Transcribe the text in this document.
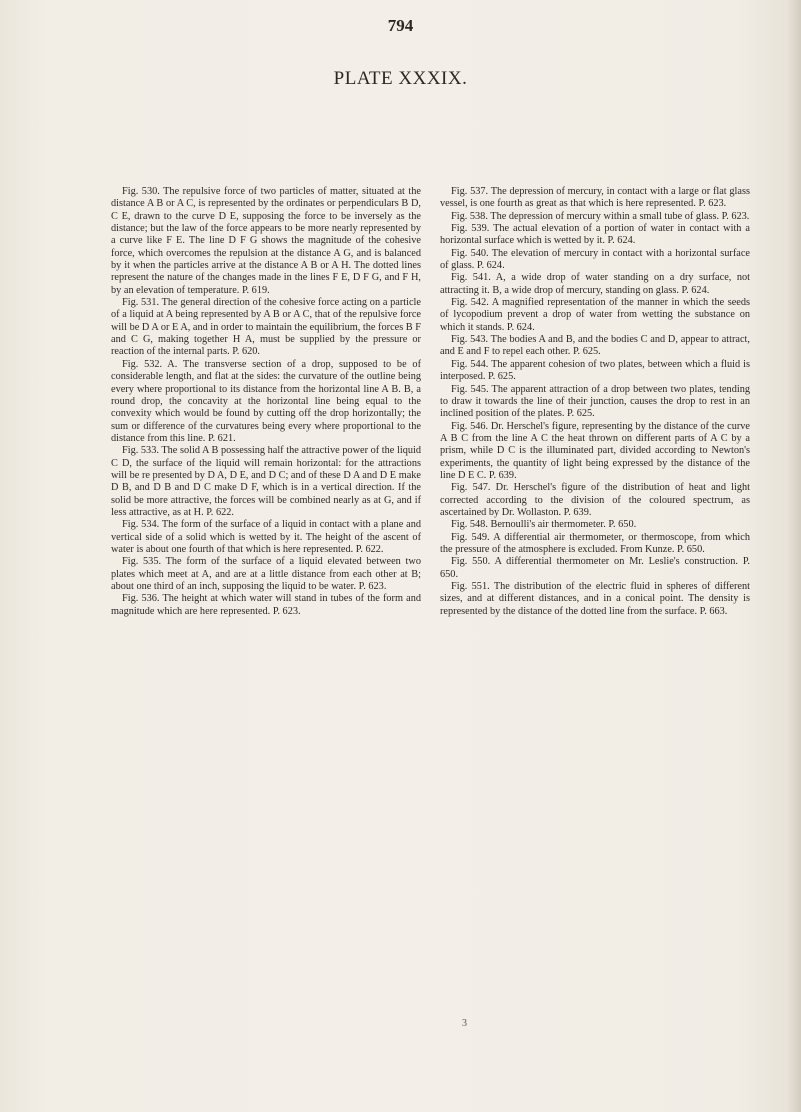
794
PLATE XXXIX.

Fig. 530. The repulsive force of two particles of matter, situated at the distance A B or A C, is represented by the ordinates or perpendiculars B D, C E, drawn to the curve D E, supposing the force to be inversely as the distance; but the law of the force appears to be more nearly represented by a curve like F E. The line D F G shows the magnitude of the cohesive force, which overcomes the repulsion at the distance A G, and is balanced by it when the particles arrive at the distance A B or A H. The dotted lines represent the nature of the changes made in the lines F E, D F G, and F H, by an elevation of temperature. P. 619.

Fig. 531. The general direction of the cohesive force acting on a particle of a liquid at A being represented by A B or A C, that of the repulsive force will be D A or E A, and in order to maintain the equilibrium, the forces B F and C G, making together H A, must be supplied by the pressure or reaction of the internal parts. P. 620.

Fig. 532. A. The transverse section of a drop, supposed to be of considerable length, and flat at the sides: the curvature of the outline being every where proportional to its distance from the horizontal line A B. B, a round drop, the concavity at the horizontal line being equal to the convexity which would be found by cutting off the drop horizontally; the sum or difference of the curvatures being every where proportional to the distance from this line. P. 621.

Fig. 533. The solid A B possessing half the attractive power of the liquid C D, the surface of the liquid will remain horizontal: for the attractions will be re presented by D A, D E, and D C; and of these D A and D E make D B, and D B and D C make D F, which is in a vertical direction. If the solid be more attractive, the forces will be combined nearly as at G, and if less attractive, as at H. P. 622.

Fig. 534. The form of the surface of a liquid in contact with a plane and vertical side of a solid which is wetted by it. The height of the ascent of water is about one fourth of that which is here represented. P. 622.

Fig. 535. The form of the surface of a liquid elevated between two plates which meet at A, and are at a little distance from each other at B; about one third of an inch, supposing the liquid to be water. P. 623.

Fig. 536. The height at which water will stand in tubes of the form and magnitude which are here represented. P. 623.

Fig. 537. The depression of mercury, in contact with a large or flat glass vessel, is one fourth as great as that which is here represented. P. 623.

Fig. 538. The depression of mercury within a small tube of glass. P. 623.

Fig. 539. The actual elevation of a portion of water in contact with a horizontal surface which is wetted by it. P. 624.

Fig. 540. The elevation of mercury in contact with a horizontal surface of glass. P. 624.

Fig. 541. A, a wide drop of water standing on a dry surface, not attracting it. B, a wide drop of mercury, standing on glass. P. 624.

Fig. 542. A magnified representation of the manner in which the seeds of lycopodium prevent a drop of water from wetting the substance on which it stands. P. 624.

Fig. 543. The bodies A and B, and the bodies C and D, appear to attract, and E and F to repel each other. P. 625.

Fig. 544. The apparent cohesion of two plates, between which a fluid is interposed. P. 625.

Fig. 545. The apparent attraction of a drop between two plates, tending to draw it towards the line of their junction, causes the drop to rest in an inclined position of the plates. P. 625.

Fig. 546. Dr. Herschel's figure, representing by the distance of the curve A B C from the line A C the heat thrown on different parts of A C by a prism, while D C is the illuminated part, divided according to Newton's experiments, the quantity of light being expressed by the distance of the line D E C. P. 639.

Fig. 547. Dr. Herschel's figure of the distribution of heat and light corrected according to the division of the coloured spectrum, as ascertained by Dr. Wollaston. P. 639.

Fig. 548. Bernoulli's air thermometer. P. 650.

Fig. 549. A differential air thermometer, or thermoscope, from which the pressure of the atmosphere is excluded. From Kunze. P. 650.

Fig. 550. A differential thermometer on Mr. Leslie's construction. P. 650.

Fig. 551. The distribution of the electric fluid in spheres of different sizes, and at different distances, and in a conical point. The density is represented by the distance of the dotted line from the surface. P. 663.

3
